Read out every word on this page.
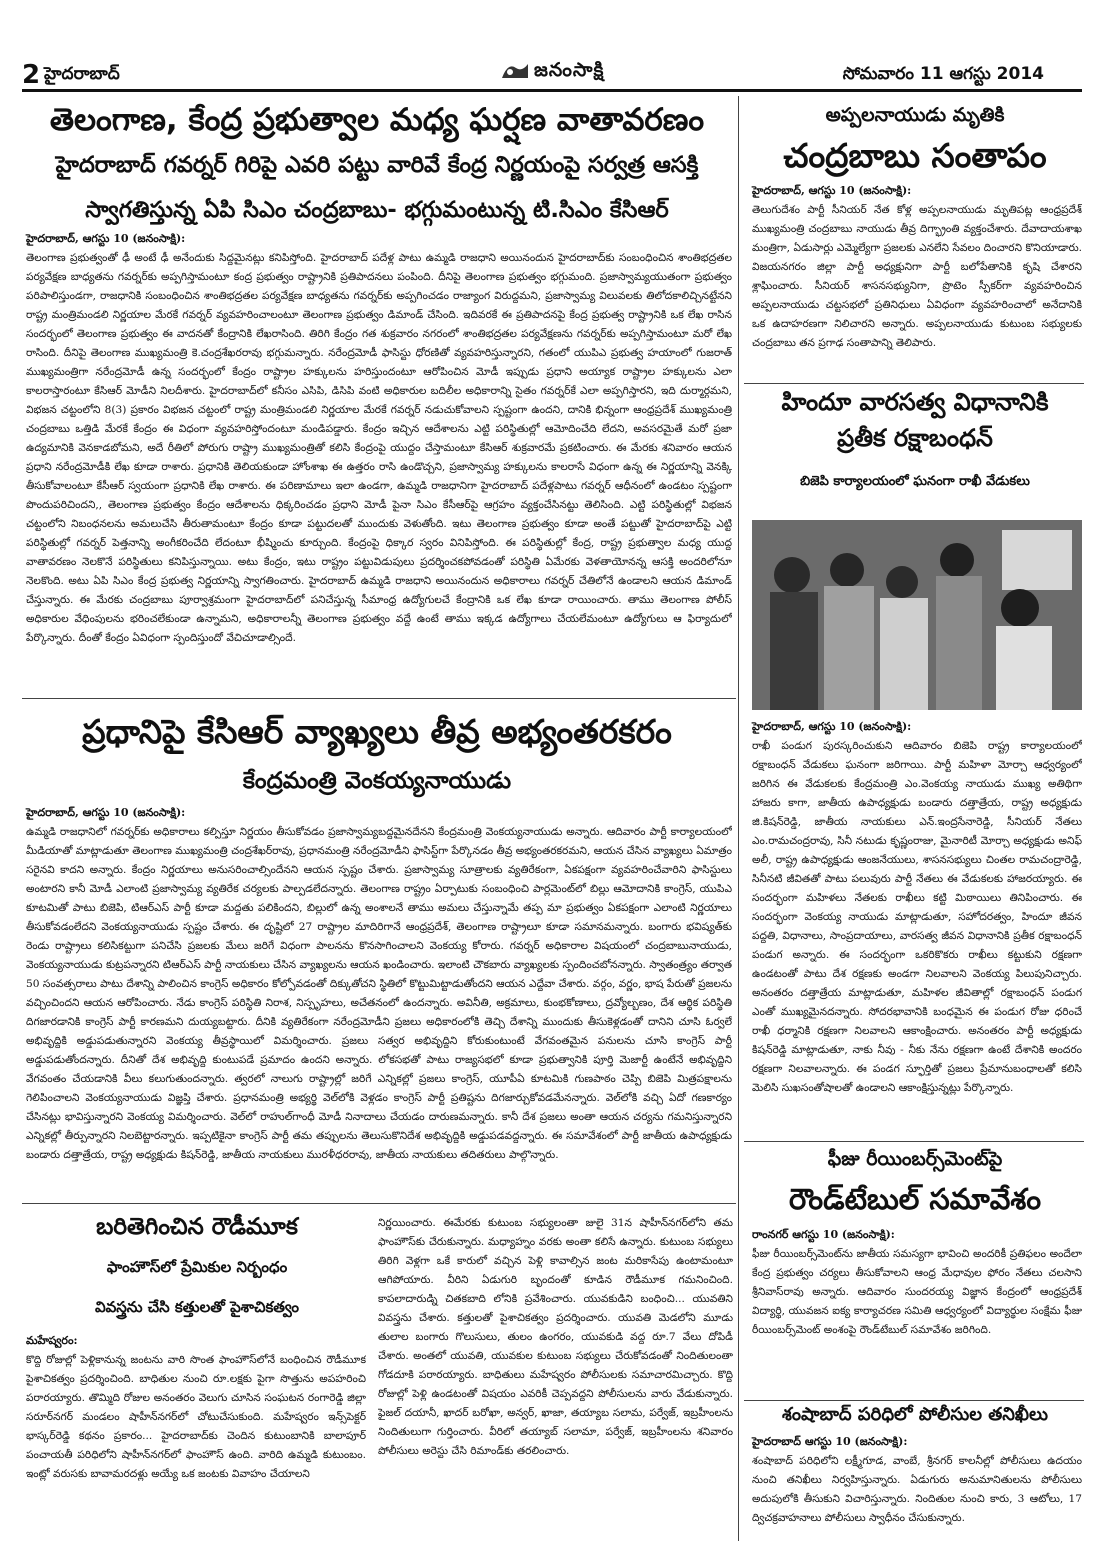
2 హైదరాబాద్	జనంసాక్షి	సోమవారం 11 ఆగస్టు 2014
తెలంగాణ, కేంద్ర ప్రభుత్వాల మధ్య ఘర్షణ వాతావరణం
హైదరాబాద్ గవర్నర్ గిరిపై ఎవరి పట్టు వారివే కేంద్ర నిర్ణయంపై సర్వత్ర ఆసక్తి
స్వాగతిస్తున్న ఏపి సిఎం చంద్రబాబు- భగ్గుమంటున్న టి.సిఎం కేసిఆర్
హైదరాబాద్, ఆగస్టు 10 (జనంసాక్షి):
తెలంగాణ ప్రభుత్వంతో ఢీ అంటే ఢీ అనేందుకు సిద్దమైనట్లు కనిపిస్తోంది. హైదరాబాద్ పదేళ్ల పాటు ఉమ్మడి రాజధాని అయినందున హైదరాబాద్‌కు సంబంధించిన శాంతిభద్రతల పర్యవేక్షణ బాధ్యతను గవర్నర్‌కు అప్పగిస్తామంటూ కంద్ర ప్రభుత్వం రాష్ట్రానికి ప్రతిపాదనలు పంపింది. దీనిపై తెలంగాణ ప్రభుత్వం భగ్గుమంది. ప్రజాస్వామ్యయుతంగా ప్రభుత్వం పరిపాలిస్తుండగా, రాజధానికి సంబంధించిన శాంతిభద్రతల పర్యవేక్షణ బాధ్యతను గవర్నర్‌కు అప్పగించడం రాజ్యాంగ విరుద్దమని, ప్రజాస్వామ్య విలువలకు తిలోదకాలిచ్చినట్టేనని రాష్ట్ర మంత్రిమండలి నిర్ణయాల మేరకే గవర్నర్ వ్యవహరించాలంటూ తెలంగాణ ప్రభుత్వం డిమాండ్ చేసింది. ఇదివరకే ఈ ప్రతిపాదనపై కేంద్ర ప్రభుత్వ రాష్ట్రానికి ఒక లేఖ రాసిన సందర్భంలో తెలంగాణ ప్రభుత్వం ఈ వాదనతో కేంద్రానికి లేఖరాసింది. తిరిగి కేంద్రం గత శుక్రవారం నగరంలో శాంతిభద్రతల పర్యవేక్షణను గవర్నర్‌కు అప్పగిస్తామంటూ మరో లేఖ రాసింది. దీనిపై తెలంగాణ ముఖ్యమంత్రి కె.చంద్రశేఖరరావు భగ్గుమన్నారు. నరేంద్రమోడీ ఫాసిస్టు ధోరణితో వ్యవహరిస్తున్నారని, గతంలో యుపిఎ ప్రభుత్వ హయాంలో గుజరాత్ ముఖ్యమంత్రిగా నరేంద్రమోడీ ఉన్న సందర్భంలో కేంద్రం రాష్ట్రాల హక్కులను హరిస్తుందంటూ ఆరోపించిన మోడీ ఇప్పుడు ప్రధాని అయ్యాక రాష్ట్రాల హక్కులను ఎలా కాలరాస్తారంటూ కేసిఆర్ మోడీని నిలదీశారు. హైదరాబాద్‌లో కనీసం ఎసిపి, డిసిపి వంటి అధికారుల బదిలీల అధికారాన్ని సైతం గవర్నర్‌కే ఎలా అప్పగిస్తారని, ఇది దుర్మార్గమని, విభజన చట్టంలోని 8(3) ప్రకారం విభజన చట్టంలో రాష్ట్ర మంత్రిమండలి నిర్ణయాల మేరకే గవర్నర్ నడుచుకోవాలని స్పష్టంగా ఉందని, దానికి భిన్నంగా ఆంధ్రప్రదేశ్ ముఖ్యమంత్రి చంద్రబాబు ఒత్తిడి మేరకే కేంద్రం ఈ విధంగా వ్యవహరిస్తోందంటూ మండిపడ్డారు. కేంద్రం ఇచ్చిన ఆదేశాలను ఎట్టి పరిస్థితుల్లో ఆమోదించేది లేదని, అవసరమైతే మరో ప్రజా ఉద్యమానికి వెనకాడబోమని, అదే రీతిలో పోరుగు రాష్ట్రా ముఖ్యమంత్రితో కలిసి కేంద్రంపై యుద్దం చేస్తామంటూ కేసిఆర్ శుక్రవారమే ప్రకటించారు. ఈ మేరకు శనివారం ఆయన ప్రధాని నరేంద్రమోడీకి లేఖ కూడా రాశారు. ప్రధానికి తెలియకుండా హోంశాఖ ఈ ఉత్తరం రాసి ఉండొచ్చని, ప్రజాస్వామ్య హక్కులను కాలరాసే విధంగా ఉన్న ఈ నిర్ణయాన్ని వెనక్కి తీసుకోవాలంటూ కేసీఆర్ స్వయంగా ప్రధానికి లేఖ రాశారు. ఈ పరిణామాలు ఇలా ఉండగా, ఉమ్మడి రాజధానిగా హైదరాబాద్ పదేళ్లపాటు గవర్నర్ ఆధీనంలో ఉండటం స్పష్టంగా పొందుపరిచిందని,, తెలంగాణ ప్రభుత్వం కేంద్రం ఆదేశాలను ధిక్కరించడం ప్రధాని మోడీ పైనా సిఎం కేసీఆర్‌పై ఆగ్రహం వ్యక్తంచేసినట్టు తెలిసింది. ఎట్టి పరిస్థితుల్లో విభజన చట్టంలోని నిబంధనలను అమలుచేసి తీరుతామంటూ కేంద్రం కూడా పట్టుదలతో ముందుకు వెళుతోంది. ఇటు తెలంగాణ ప్రభుత్వం కూడా అంతే పట్టుతో హైదరాబాద్‌పై ఎట్టి పరిస్థితుల్లో గవర్నర్ పెత్తనాన్ని అంగీకరించేది లేదంటూ భీష్మించు కూర్చుంది. కేంద్రంపై ధిక్కార స్వరం వినిపిస్తోంది. ఈ పరిస్థితుల్లో కేంద్ర, రాష్ట్ర ప్రభుత్వాల మధ్య యుద్ద వాతావరణం నెలకొనే పరిస్థితులు కనిపిస్తున్నాయి. అటు కేంద్రం, ఇటు రాష్ట్రం పట్టువిడుపులు ప్రదర్శించకపోవడంతో పరిస్థితి ఏమేరకు వెళతాయోనన్న ఆసక్తి అందరిలోనూ నెలకొంది. అటు ఏపి సిఎం కేంద్ర ప్రభుత్వ నిర్ణయాన్ని స్వాగతించారు. హైదరాబాద్ ఉమ్మడి రాజధాని అయినందున అధికారాలు గవర్నర్ చేతిలోనే ఉండాలని ఆయన డిమాండ్ చేస్తున్నారు. ఈ మేరకు చంద్రబాబు పూర్వాశ్రమంగా హైదరాబాద్‌లో పనిచేస్తున్న సీమాంధ్ర ఉద్యోగులచే కేంద్రానికి ఒక లేఖ కూడా రాయించారు. తాము తెలంగాణ పోలీస్ అధికారుల వేధింపులను భరించలేకుండా ఉన్నామని, అధికారాలన్నీ తెలంగాణ ప్రభుత్వం వద్దే ఉంటే తాము ఇక్కడ ఉద్యోగాలు చేయలేమంటూ ఉద్యోగులు ఆ ఫిర్యాదులో పేర్కొన్నారు. దీంతో కేంద్రం ఏవిధంగా స్పందిస్తుందో వేచిచూడాల్సిందే.
ప్రధానిపై కేసిఆర్ వ్యాఖ్యలు తీవ్ర అభ్యంతరకరం
కేంద్రమంత్రి వెంకయ్యనాయుడు
హైదరాబాద్, ఆగస్టు 10 (జనంసాక్షి):
ఉమ్మడి రాజధానిలో గవర్నర్‌కు అధికారాలు కల్పిస్తూ నిర్ణయం తీసుకోవడం ప్రజాస్వామ్యబద్దమైనదేనని కేంద్రమంత్రి వెంకయ్యనాయుడు అన్నారు. ఆదివారం పార్టీ కార్యాలయంలో మీడియాతో మాట్లాడుతూ తెలంగాణ ముఖ్యమంత్రి చంద్రశేఖర్‌రావు, ప్రధానమంత్రి నరేంద్రమోడీని ఫాసిస్ట్‌గా పేర్కొనడం తీవ్ర అభ్యంతరకరమని, ఆయన చేసిన వ్యాఖ్యలు ఏమాత్రం సరైనవి కాదని అన్నారు. కేంద్రం నిర్ణయాలు అనుసరించాల్సిందేనని ఆయన స్పష్టం చేశారు. ప్రజాస్వామ్య సూత్రాలకు వ్యతిరేకంగా, ఏకపక్షంగా వ్యవహరించేవారిని ఫాసిస్టులు అంటారని కానీ మోడీ ఎలాంటి ప్రజాస్వామ్య వ్యతిరేక చర్యలకు పాల్పడలేదన్నారు. తెలంగాణ రాష్ట్రం ఏర్పాటుకు సంబంధించి పార్లమెంట్‌లో బిల్లు ఆమోదానికి కాంగ్రెస్, యుపిఎ కూటమితో పాటు బిజెపి, టిఆర్ఎస్ పార్టీ కూడా మద్దతు పలికిందని, బిల్లులో ఉన్న అంశాలనే తాము అమలు చేస్తున్నామే తప్ప మా ప్రభుత్వం ఏకపక్షంగా ఎలాంటి నిర్ణయాలు తీసుకోవడంలేదని వెంకయ్యనాయుడు స్పష్టం చేశారు. ఈ దృష్టిలో 27 రాష్ట్రాల మాదిరిగానే ఆంధ్రప్రదేశ్, తెలంగాణ రాష్ట్రాలూ కూడా సమానమన్నారు. బంగారు భవిష్యత్‌కు రెండు రాష్ట్రాలు కలిసికట్టుగా పనిచేసి ప్రజలకు మేలు జరిగే విధంగా పాలనను కొనసాగించాలని వెంకయ్య కోరారు. గవర్నర్ అధికారాల విషయంలో చంద్రబాబునాయుడు, వెంకయ్యనాయుడు కుట్రపన్నారని టిఆర్ఎస్ పార్టీ నాయకులు చేసిన వ్యాఖ్యలను ఆయన ఖండించారు. ఇలాంటి చౌకబారు వ్యాఖ్యలకు స్పందించబోనన్నారు. స్వాతంత్ర్యం తర్వాత 50 సంవత్సరాలు పాటు దేశాన్ని పాలించిన కాంగ్రెస్ అధికారం కోల్పోవడంతో దిక్కుతోచని స్థితిలో కొట్టుమిట్టాడుతోందని ఆయన ఎద్దేవా చేశారు. వర్గం, వర్ణం, భాష పేరుతో ప్రజలను వచ్చించిందని ఆయన ఆరోపించారు. నేడు కాంగ్రెస్ పరిస్థితి నిరాశ, నిస్పృహలు, అచేతనంలో ఉందన్నారు. అవినీతి, అక్రమాలు, కుంభకోణాలు, ద్రవ్యోల్బణం, దేశ ఆర్థిక పరిస్థితి దిగజారడానికి కాంగ్రెస్ పార్టీ కారణమని దుయ్యబట్టారు. దీనికి వ్యతిరేకంగా నరేంద్రమోడీని ప్రజలు అధికారంలోకి తెచ్చి దేశాన్ని ముందుకు తీసుకెళ్లడంతో దానిని చూసి ఓర్వలే అభివృద్దికి అడ్డుపడుతున్నారని వెంకయ్య తీవ్రస్థాయిలో విమర్శించారు. ప్రజలు సత్వర అభివృద్దిని కోరుకుంటుంటే వేగవంతమైన పనులను చూసి కాంగ్రెస్ పార్టీ అడ్డుపడుతోందన్నారు. దీనితో దేశ అభివృద్ది కుంటుపడే ప్రమాదం ఉందని అన్నారు. లోకసభతో పాటు రాజ్యసభలో కూడా ప్రభుత్వానికి పూర్తి మెజార్టీ ఉంటేనే అభివృద్దిని వేగవంతం చేయడానికి వీలు కలుగుతుందన్నారు. త్వరలో నాలుగు రాష్ట్రాల్లో జరిగే ఎన్నికల్లో ప్రజలు కాంగ్రెస్, యూపీఏ కూటమికి గుణపాఠం చెప్పి బిజెపి మిత్రపక్షాలను గెలిపించాలని వెంకయ్యనాయుడు విజ్ఞప్తి చేశారు. ప్రధానమంత్రి అభ్యర్థి వెల్‌లోకి వెళ్లడం కాంగ్రెస్ పార్టీ ప్రతిష్టను దిగజార్చుకోవడమేనన్నారు. వెల్‌లోకి వచ్చి ఏదో గణకార్యం చేసినట్లు భావిస్తున్నారని వెంకయ్య విమర్శించారు. వెల్‌లో రాహుల్‌గాంధీ మోడీ నినాదాలు చేయడం దారుణమన్నారు. కానీ దేశ ప్రజలు అంతా ఆయన చర్యను గమనిస్తున్నారని ఎన్నికల్లో తీర్పున్నారని నిలబెట్టారన్నారు. ఇప్పటికైనా కాంగ్రెస్ పార్టీ తమ తప్పులను తెలుసుకొనిదేశ అభివృద్దికి అడ్డుపడవద్దన్నారు. ఈ సమావేశంలో పార్టీ జాతీయ ఉపాధ్యక్షుడు బండారు దత్తాత్రేయ, రాష్ట్ర అధ్యక్షుడు కిషన్‌రెడ్డి, జాతీయ నాయకులు మురళీధరరావు, జాతీయ నాయకులు తదితరులు పాల్గొన్నారు.
బరితెగించిన రౌడీమూక
ఫాంహౌస్‌లో ప్రేమికుల నిర్బంధం
వివస్త్రను చేసి కత్తులతో పైశాచికత్వం
మహేష్వరం:
కొద్ది రోజుల్లో పెళ్లికానున్న జంటను వారి సొంత ఫాంహౌస్‌లోనే బంధించిన రౌడీమూక పైశాచికత్వం ప్రదర్శించింది. బాధితుల నుంచి రూ.లక్షకు పైగా సొత్తును అపహరించి పరారయ్యారు. తొమ్మిది రోజుల అనంతరం వెలుగు చూసిన సంఘటన రంగారెడ్డి జిల్లా సరూర్‌నగర్ మండలం షాహీన్‌నగర్‌లో చోటుచేసుకుంది. మహేష్వరం ఇన్స్‌పెక్టర్ భాస్కర్‌రెడ్డి కథనం ప్రకారం... హైదరాబాద్‌కు చెందిన కుటుంబానికి బాలాపూర్ పంచాయతీ పరిధిలోని షాహీన్‌నగర్‌లో ఫాంహౌస్ ఉంది. వారిది ఉమ్మడి కుటుంబం. ఇంట్లో వరుసకు బావామరదళ్లు అయ్యే ఒక జంటకు వివాహం చేయాలని
నిర్ణయించారు. ఈమేరకు కుటుంబ సభ్యులంతా జులై 31న షాహీన్‌నగర్‌లోని తమ ఫాంహౌస్‌కు చేరుకున్నారు. మధ్యాహ్నం వరకు అంతా కలిసే ఉన్నారు. కుటుంబ సభ్యులు తిరిగి వెళ్లగా ఒకే కారులో వచ్చిన పెళ్లి కావాల్సిన జంట మరికాసేపు ఉంటామంటూ ఆగిపోయారు. వీరిని ఏడుగురి బృందంతో కూడిన రౌడీమూక గమనించింది. కాపలాదారుడ్ని చితకబాది లోనికి ప్రవేశించారు. యువకుడిని బంధించి... యువతిని వివస్త్రను చేశారు. కత్తులతో పైశాచికత్వం ప్రదర్శించారు. యువతి మెడలోని మూడు తులాల బంగారు గొలుసులు, తులం ఉంగరం, యువకుడి వద్ద రూ.7 వేలు దోపిడీ చేశారు. అంతలో యువతి, యువకుల కుటుంబ సభ్యులు చేరుకోవడంతో నిందితులంతా గోడదూకి పరారయ్యారు. బాధితులు మహేష్వరం పోలీసులకు సమాచారమిచ్చారు. కొద్ది రోజుల్లో పెళ్లి ఉండటంతో విషయం ఎవరికీ చెప్పవద్దని పోలీసులను వారు వేడుకున్నారు. ఫైజల్ దయానీ, ఖాదర్ బరోఖా, అన్వర్, ఖాజా, తయ్యాబ సలామ, పర్వేజ్, ఇబ్రహీంలను నిందితులుగా గుర్తించారు. వీరిలో తయ్యాబ్ సలామా, పర్వేజ్, ఇబ్రహీంలను శనివారం పోలీసులు అరెస్టు చేసి రిమాండ్‌కు తరలించారు.
అప్పలనాయుడు మృతికి
చంద్రబాబు సంతాపం
హైదరాబాద్, ఆగస్టు 10 (జనంసాక్షి):
తెలుగుదేశం పార్టీ సీనియర్ నేత కోళ్ల అప్పలనాయుడు మృతిపట్ల ఆంధ్రప్రదేశ్ ముఖ్యమంత్రి చంద్రబాబు నాయుడు తీవ్ర దిగ్భ్రాంతి వ్యక్తంచేశారు. దేవాదాయశాఖ మంత్రిగా, ఏడుసార్లు ఎమ్మెల్యేగా ప్రజలకు ఎనలేని సేవలం దించారని కొనియాడారు. విజయనగరం జిల్లా పార్టీ అధ్యక్షునిగా పార్టీ బలోపేతానికి కృషి చేశారని శ్లాఘించారు. సీనియర్ శాసనసభ్యునిగా, ప్రొటెం స్పీకర్‌గా వ్యవహరించిన అప్పలనాయుడు చట్టసభలో ప్రతినిధులు ఏవిధంగా వ్యవహరించాలో అనేదానికి ఒక ఉదాహరణగా నిలిచారని అన్నారు. అప్పలనాయుడు కుటుంబ సభ్యులకు చంద్రబాబు తన ప్రగాఢ సంతాపాన్ని తెలిపారు.
హిందూ వారసత్వ విధానానికి
ప్రతీక రక్షాబంధన్
బిజెపి కార్యాలయంలో ఘనంగా రాఖీ వేడుకలు
హైదరాబాద్, ఆగస్టు 10 (జనంసాక్షి):
రాఖీ పండుగ పురస్కరించుకుని ఆదివారం బిజెపి రాష్ట్ర కార్యాలయంలో రక్షాబంధన్ వేడుకలు ఘనంగా జరిగాయి. పార్టీ మహిళా మోర్చా ఆధ్వర్యంలో జరిగిన ఈ వేడుకలకు కేంద్రమంత్రి ఎం.వెంకయ్య నాయుడు ముఖ్య అతిథిగా హాజరు కాగా, జాతీయ ఉపాధ్యక్షుడు బండారు దత్తాత్రేయ, రాష్ట్ర అధ్యక్షుడు జి.కిషన్‌రెడ్డి, జాతీయ నాయకులు ఎన్.ఇంద్రసేనారెడ్డి, సీనియర్ నేతలు ఎం.రామచంద్రరావు, సినీ నటుడు కృష్ణంరాజు, మైనారిటీ మోర్చా అధ్యక్షుడు అనిఫ్ అలీ, రాష్ట్ర ఉపాధ్యక్షుడు ఆంజనేయులు, శాసనసభ్యులు చింతల రామచంద్రారెడ్డి, సినీనటి జీవితతో పాటు పలువురు పార్టీ నేతలు ఈ వేడుకలకు హాజరయ్యారు. ఈ సందర్భంగా మహిళలు నేతలకు రాఖీలు కట్టి మిఠాయిలు తినిపించారు. ఈ సందర్భంగా వెంకయ్య నాయుడు మాట్లాడుతూ, సహోదరత్వం, హిందూ జీవన పద్దతి, విధానాలు, సాంప్రదాయాలు, వారసత్వ జీవన విధానానికి ప్రతీక రక్షాబంధన్ పండుగ అన్నారు. ఈ సందర్భంగా ఒకరికొకరు రాఖీలు కట్టుకుని రక్షణగా ఉండటంతో పాటు దేశ రక్షణకు అండగా నిలవాలని వెంకయ్య పిలుపునిచ్చారు. అనంతరం దత్తాత్రేయ మాట్లాడుతూ, మహిళల జీవితాల్లో రక్షాబంధన్ పండుగ ఎంతో ముఖ్యమైనదన్నారు. సోదరభావానికి బంధమైన ఈ పండుగ రోజు ధరించే రాఖీ ధర్మానికి రక్షణగా నిలవాలని ఆకాంక్షించారు. అనంతరం పార్టీ అధ్యక్షుడు కిషన్‌రెడ్డి మాట్లాడుతూ, నాకు నీవు - నీకు నేను రక్షణగా ఉంటే దేశానికి అందరం రక్షణగా నిలవాలన్నారు. ఈ పండగ స్ఫూర్తితో ప్రజలు ప్రేమానుబంధాలతో కలిసి మెలిసి సుఖసంతోషాలతో ఉండాలని ఆకాంక్షిస్తున్నట్లు పేర్కొన్నారు.
ఫీజు రీయింబర్స్‌మెంట్‌పై
రౌండ్‌టేబుల్ సమావేశం
రాంనగర్ ఆగస్టు 10 (జనంసాక్షి):
ఫీజు రీయింబర్స్‌మెంట్‌ను జాతీయ సమస్యగా భావించి అందరికీ ప్రతిఫలం అందేలా కేంద్ర ప్రభుత్వం చర్యలు తీసుకోవాలని ఆంధ్ర మేధావుల ఫోరం నేతలు చలసాని శ్రీనివాస్‌రావు అన్నారు. ఆదివారం సుందరయ్య విజ్ఞాన కేంద్రంలో ఆంధ్రప్రదేశ్ విద్యార్థి, యువజన ఐక్య కార్యాచరణ సమితి ఆధ్వర్యంలో విద్యార్థుల సంక్షేమ ఫీజు రీయింబర్స్‌మెంట్ అంశంపై రౌండ్‌టేబుల్ సమావేశం జరిగింది.
శంషాబాద్ పరిధిలో పోలీసుల తనిఖీలు
హైదరాబాద్ ఆగస్టు 10 (జనంసాక్షి):
శంషాబాద్ పరిధిలోని లక్ష్మీగూడ, వాంబే, శ్రీనగర్ కాలనీల్లో పోలీసులు ఉదయం నుంచి తనిఖీలు నిర్వహిస్తున్నారు. ఏడుగురు అనుమానితులను పోలీసులు అదుపులోకి తీసుకుని విచారిస్తున్నారు. నిందితుల నుంచి కారు, 3 ఆటోలు, 17 ద్విచక్రవాహనాలు పోలీసులు స్వాధీనం చేసుకున్నారు.
